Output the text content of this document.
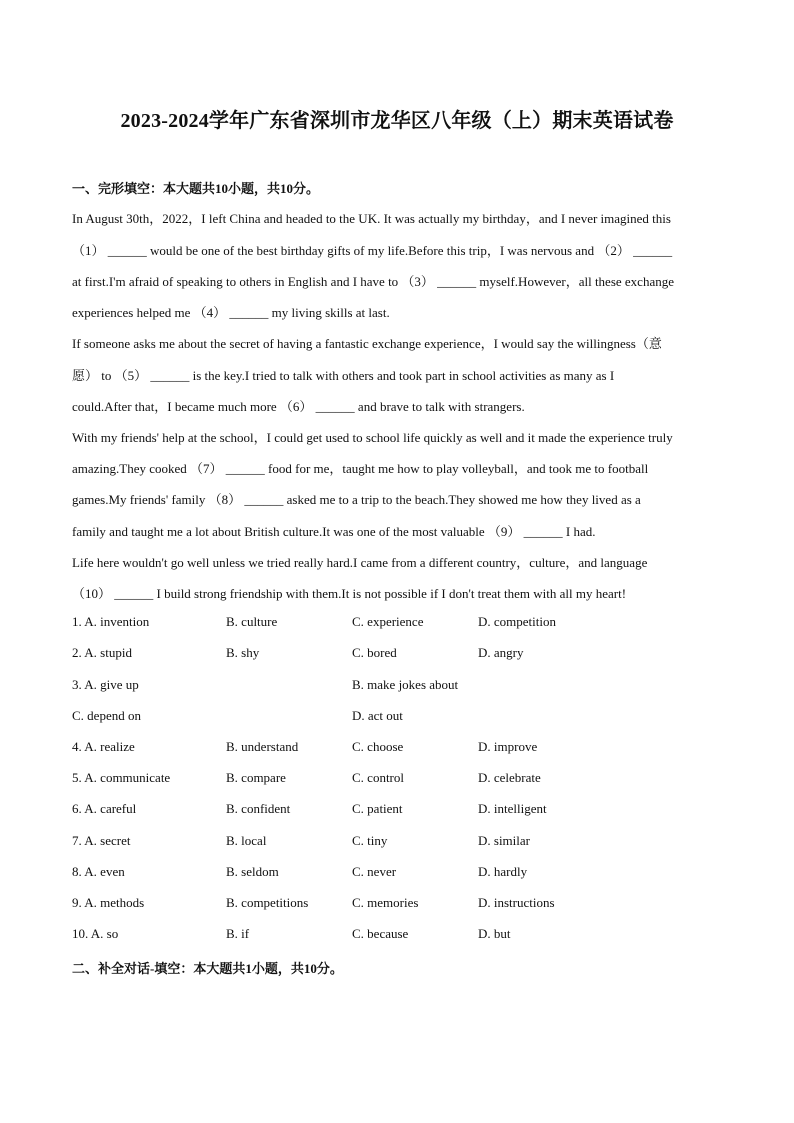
2023-2024学年广东省深圳市龙华区八年级（上）期末英语试卷
一、完形填空：本大题共10小题，共10分。
In August 30th，2022，I left China and headed to the UK. It was actually my birthday，and I never imagined this
（1） ______ would be one of the best birthday gifts of my life.Before this trip，I was nervous and （2） ______
at first.I'm afraid of speaking to others in English and I have to （3） ______ myself.However，all these exchange
experiences helped me （4） ______ my living skills at last.
If someone asks me about the secret of having a fantastic exchange experience，I would say the willingness（意
愿） to （5） ______ is the key.I tried to talk with others and took part in school activities as many as I
could.After that，I became much more （6） ______ and brave to talk with strangers.
With my friends' help at the school，I could get used to school life quickly as well and it made the experience truly
amazing.They cooked （7） ______ food for me，taught me how to play volleyball，and took me to football
games.My friends' family （8） ______ asked me to a trip to the beach.They showed me how they lived as a
family and taught me a lot about British culture.It was one of the most valuable （9） ______ I had.
Life here wouldn't go well unless we tried really hard.I came from a different country，culture，and language
（10） ______ I build strong friendship with them.It is not possible if I don't treat them with all my heart!
1. A. invention	B. culture	C. experience	D. competition
2. A. stupid	B. shy	C. bored	D. angry
3. A. give up	B. make jokes about
C. depend on	D. act out
4. A. realize	B. understand	C. choose	D. improve
5. A. communicate	B. compare	C. control	D. celebrate
6. A. careful	B. confident	C. patient	D. intelligent
7. A. secret	B. local	C. tiny	D. similar
8. A. even	B. seldom	C. never	D. hardly
9. A. methods	B. competitions	C. memories	D. instructions
10. A. so	B. if	C. because	D. but
二、补全对话-填空：本大题共1小题，共10分。
